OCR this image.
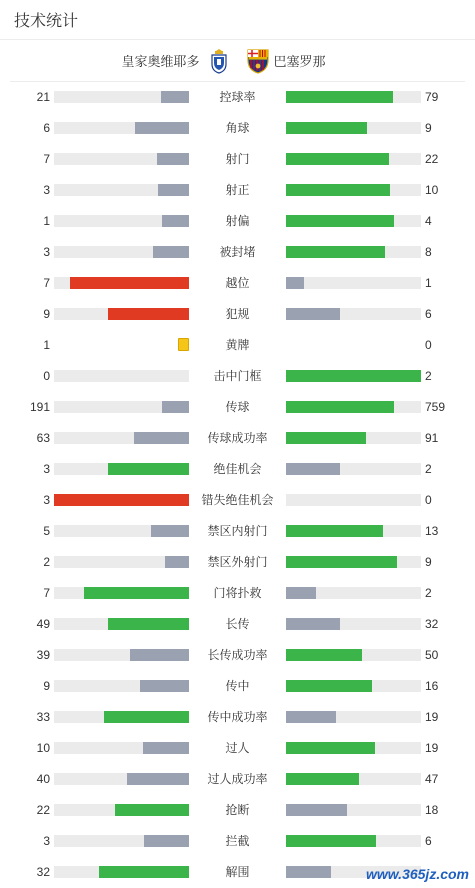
技术统计
皇家奥维耶多	巴塞罗那
21	控球率	79
6	角球	9
7	射门	22
3	射正	10
1	射偏	4
3	被封堵	8
7	越位	1
9	犯规	6
1	黄牌	0
0	击中门框	2
191	传球	759
63	传球成功率	91
3	绝佳机会	2
3	错失绝佳机会	0
5	禁区内射门	13
2	禁区外射门	9
7	门将扑救	2
49	长传	32
39	长传成功率	50
9	传中	16
33	传中成功率	19
10	过人	19
40	过人成功率	47
22	抢断	18
3	拦截	6
32	解围	www.365jz.com
